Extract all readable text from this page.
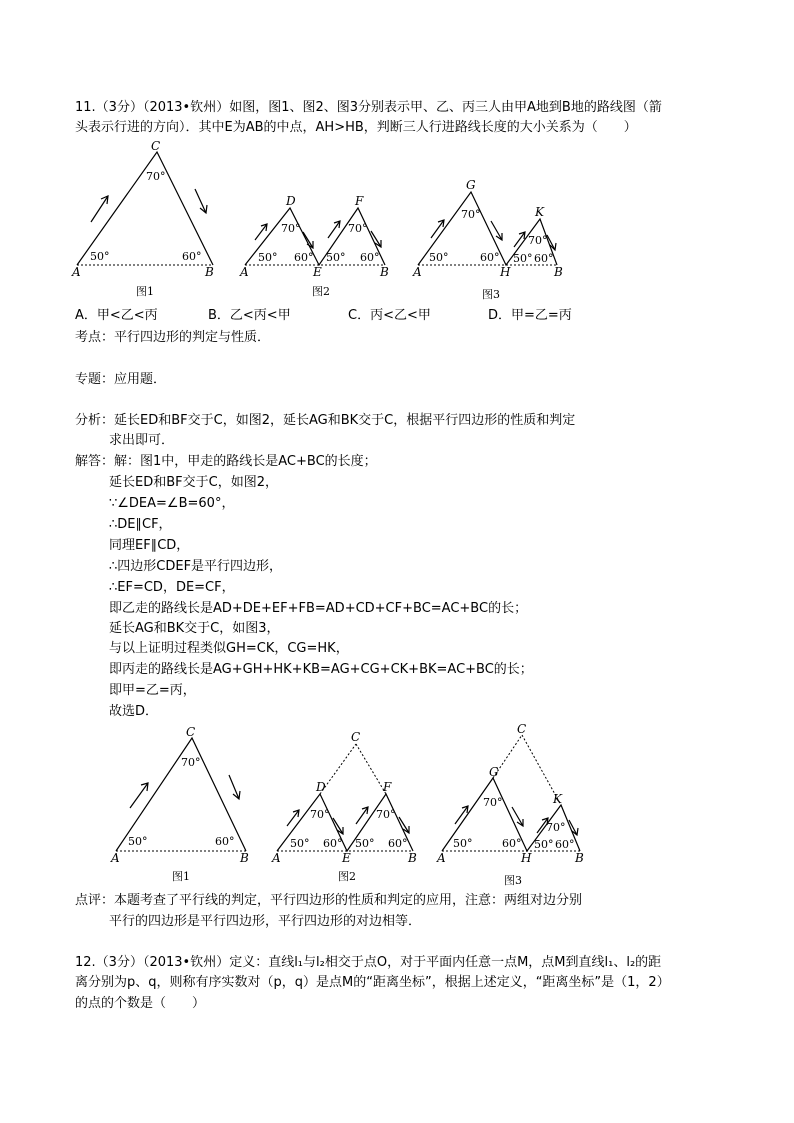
11.（3分）（2013•钦州）如图，图1、图2、图3分别表示甲、乙、丙三人由甲A地到B地的路线图（箭
头表示行进的方向）．其中E为AB的中点，AH>HB，判断三人行进路线长度的大小关系为（　　）
C
A	B
70°
50°	60°
D	F
A	E	B
70°	70°
50° 60° 50° 60°
G
K
A	H	B
70°
70°
50°	60° 50° 60°
图1	图2	图3
A．甲<乙<丙	B．乙<丙<甲	C．丙<乙<甲	D．甲=乙=丙
考点：平行四边形的判定与性质．
专题：应用题．
分析：延长ED和BF交于C，如图2，延长AG和BK交于C，根据平行四边形的性质和判定
求出即可．
解答：解：图1中，甲走的路线长是AC+BC的长度；
延长ED和BF交于C，如图2，
∵∠DEA=∠B=60°，
∴DE∥CF，
同理EF∥CD，
∴四边形CDEF是平行四边形，
∴EF=CD，DE=CF，
即乙走的路线长是AD+DE+EF+FB=AD+CD+CF+BC=AC+BC的长；
延长AG和BK交于C，如图3，
与以上证明过程类似GH=CK，CG=HK，
即丙走的路线长是AG+GH+HK+KB=AG+CG+CK+BK=AC+BC的长；
即甲=乙=丙，
故选D．
C
A	B
70°
50°	60°
C
D	F
A	E	B
70°	70°
50° 60° 50° 60°
C
G
K
A	H	B
70°
70°
50°	60° 50° 60°
图1	图2	图3
点评：本题考查了平行线的判定，平行四边形的性质和判定的应用，注意：两组对边分别
平行的四边形是平行四边形，平行四边形的对边相等．
12.（3分）（2013•钦州）定义：直线l₁与l₂相交于点O，对于平面内任意一点M，点M到直线l₁、l₂的距
离分别为p、q，则称有序实数对（p，q）是点M的“距离坐标”，根据上述定义，“距离坐标”是（1，2）
的点的个数是（　　）
